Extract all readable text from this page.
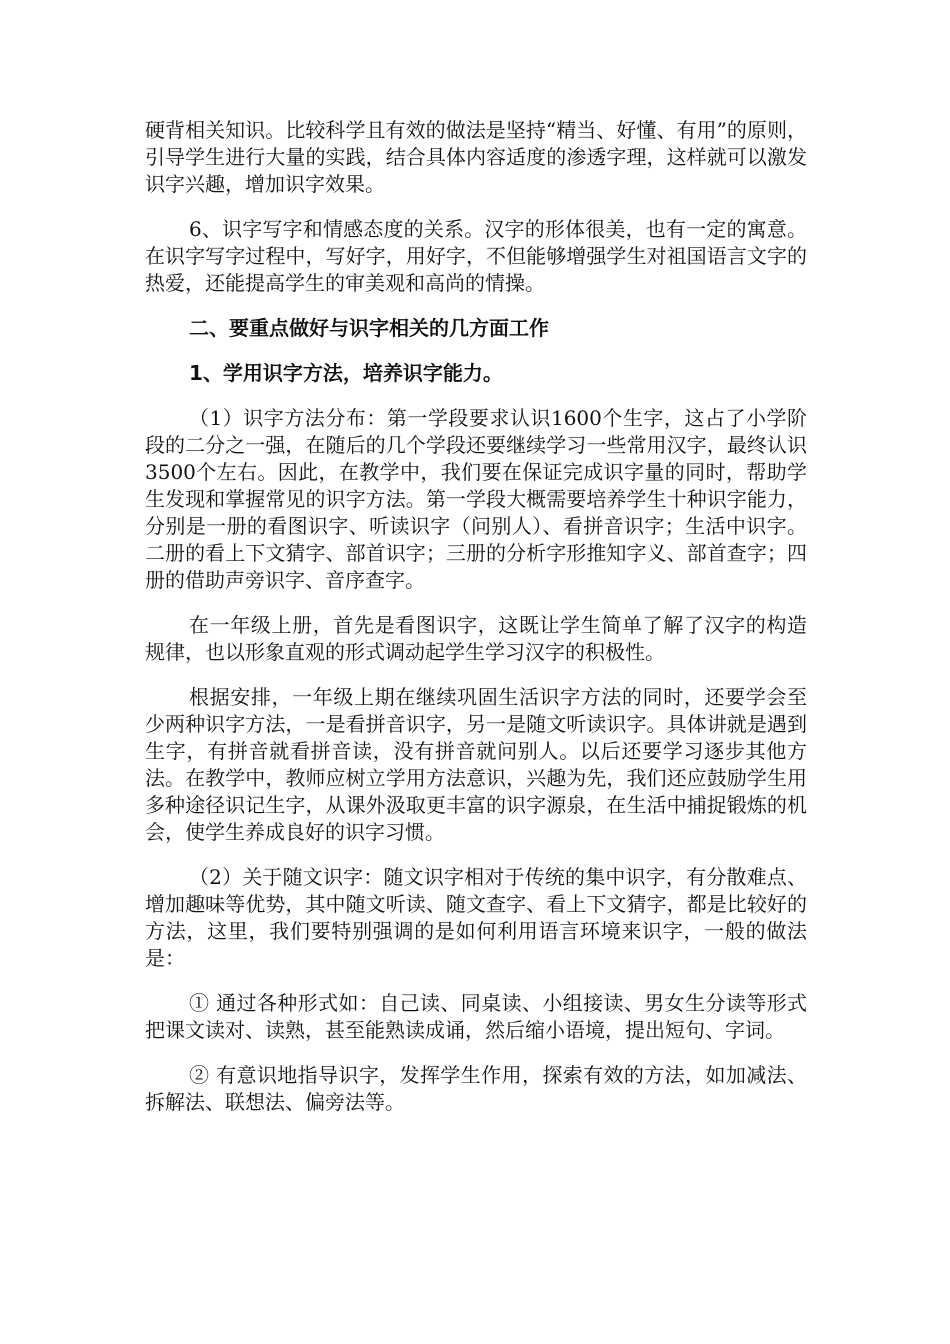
硬背相关知识。比较科学且有效的做法是坚持“精当、好懂、有用”的原则，引导学生进行大量的实践，结合具体内容适度的渗透字理，这样就可以激发识字兴趣，增加识字效果。

6、识字写字和情感态度的关系。汉字的形体很美，也有一定的寓意。在识字写字过程中，写好字，用好字，不但能够增强学生对祖国语言文字的热爱，还能提高学生的审美观和高尚的情操。

二、要重点做好与识字相关的几方面工作

1、学用识字方法，培养识字能力。

（1）识字方法分布：第一学段要求认识1600个生字，这占了小学阶段的二分之一强，在随后的几个学段还要继续学习一些常用汉字，最终认识3500个左右。因此，在教学中，我们要在保证完成识字量的同时，帮助学生发现和掌握常见的识字方法。第一学段大概需要培养学生十种识字能力，分别是一册的看图识字、听读识字（问别人）、看拼音识字；生活中识字。二册的看上下文猜字、部首识字；三册的分析字形推知字义、部首查字；四册的借助声旁识字、音序查字。

在一年级上册，首先是看图识字，这既让学生简单了解了汉字的构造规律，也以形象直观的形式调动起学生学习汉字的积极性。

根据安排，一年级上期在继续巩固生活识字方法的同时，还要学会至少两种识字方法，一是看拼音识字，另一是随文听读识字。具体讲就是遇到生字，有拼音就看拼音读，没有拼音就问别人。以后还要学习逐步其他方法。在教学中，教师应树立学用方法意识，兴趣为先，我们还应鼓励学生用多种途径识记生字，从课外汲取更丰富的识字源泉，在生活中捕捉锻炼的机会，使学生养成良好的识字习惯。

（2）关于随文识字：随文识字相对于传统的集中识字，有分散难点、增加趣味等优势，其中随文听读、随文查字、看上下文猜字，都是比较好的方法，这里，我们要特别强调的是如何利用语言环境来识字，一般的做法是：

① 通过各种形式如：自己读、同桌读、小组接读、男女生分读等形式把课文读对、读熟，甚至能熟读成诵，然后缩小语境，提出短句、字词。

② 有意识地指导识字，发挥学生作用，探索有效的方法，如加减法、拆解法、联想法、偏旁法等。
